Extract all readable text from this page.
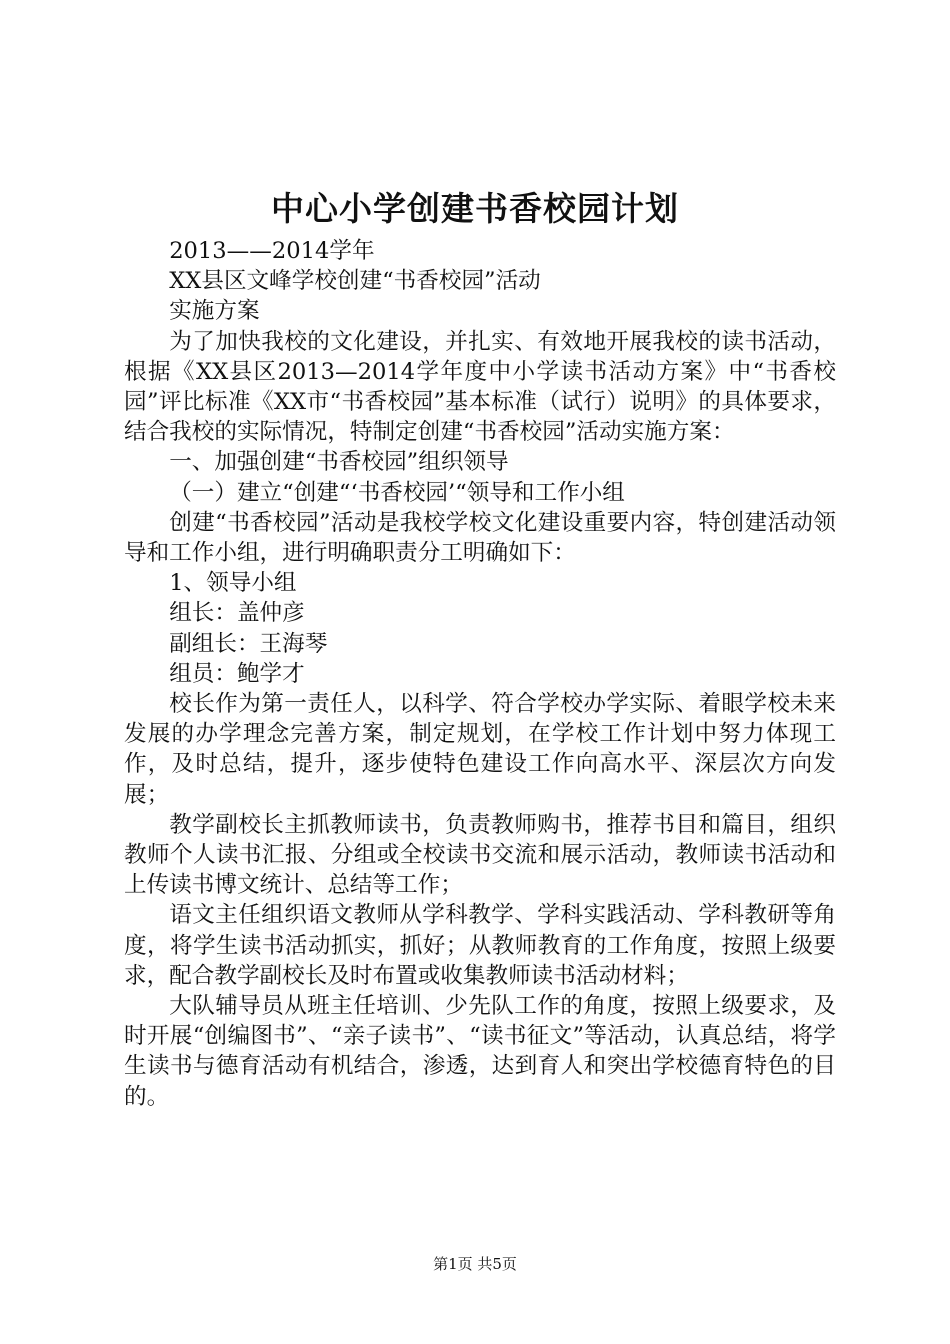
中心小学创建书香校园计划

2013——2014学年

XX县区文峰学校创建“书香校园”活动

实施方案

为了加快我校的文化建设，并扎实、有效地开展我校的读书活动，根据《XX县区2013—2014学年度中小学读书活动方案》中“书香校园”评比标准《XX市“书香校园”基本标准（试行）说明》的具体要求，结合我校的实际情况，特制定创建“书香校园”活动实施方案：

一、加强创建“书香校园”组织领导

（一）建立“创建“‘书香校园’“领导和工作小组

创建“书香校园”活动是我校学校文化建设重要内容，特创建活动领导和工作小组，进行明确职责分工明确如下：

1、领导小组

组长：盖仲彦

副组长：王海琴

组员：鲍学才

校长作为第一责任人，以科学、符合学校办学实际、着眼学校未来发展的办学理念完善方案，制定规划，在学校工作计划中努力体现工作，及时总结，提升，逐步使特色建设工作向高水平、深层次方向发展；

教学副校长主抓教师读书，负责教师购书，推荐书目和篇目，组织教师个人读书汇报、分组或全校读书交流和展示活动，教师读书活动和上传读书博文统计、总结等工作；

语文主任组织语文教师从学科教学、学科实践活动、学科教研等角度，将学生读书活动抓实，抓好；从教师教育的工作角度，按照上级要求，配合教学副校长及时布置或收集教师读书活动材料；

大队辅导员从班主任培训、少先队工作的角度，按照上级要求，及时开展“创编图书”、“亲子读书”、“读书征文”等活动，认真总结，将学生读书与德育活动有机结合，渗透，达到育人和突出学校德育特色的目的。

第1页 共5页
